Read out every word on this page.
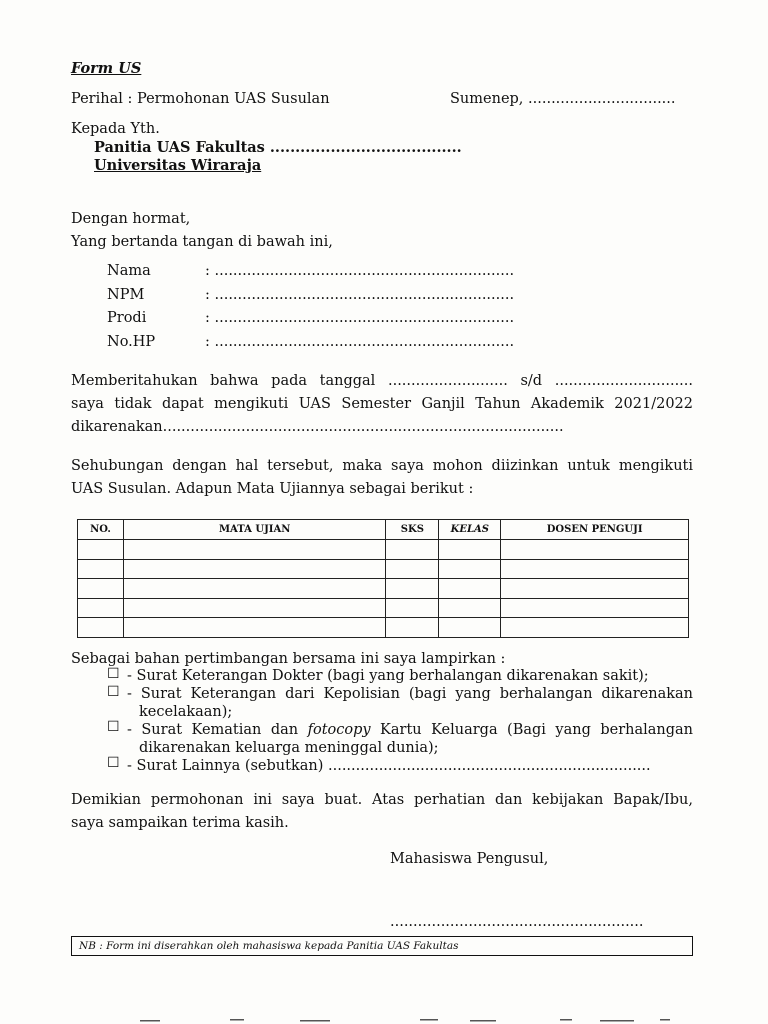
Form US
Perihal : Permohonan UAS Susulan	Sumenep, ................................
Kepada Yth.
Panitia UAS Fakultas ......................................
Universitas Wiraraja
Dengan hormat,
Yang bertanda tangan di bawah ini,
Nama	: .................................................................
NPM	: .................................................................
Prodi	: .................................................................
No.HP	: .................................................................
Memberitahukan bahwa pada tanggal .......................... s/d ..............................
saya tidak dapat mengikuti UAS Semester Ganjil Tahun Akademik 2021/2022
dikarenakan.......................................................................................
Sehubungan dengan hal tersebut, maka saya mohon diizinkan untuk mengikuti
UAS Susulan. Adapun Mata Ujiannya sebagai berikut :
NO.	MATA UJIAN	SKS	KELAS	DOSEN PENGUJI

Sebagai bahan pertimbangan bersama ini saya lampirkan :
☐ - Surat Keterangan Dokter (bagi yang berhalangan dikarenakan sakit);
☐ - Surat Keterangan dari Kepolisian (bagi yang berhalangan dikarenakan
kecelakaan);
☐ - Surat Kematian dan fotocopy Kartu Keluarga (Bagi yang berhalangan
dikarenakan keluarga meninggal dunia);
☐ - Surat Lainnya (sebutkan) ......................................................................
Demikian permohonan ini saya buat. Atas perhatian dan kebijakan Bapak/Ibu,
saya sampaikan terima kasih.
Mahasiswa Pengusul,
.......................................................
NB : Form ini diserahkan oleh mahasiswa kepada Panitia UAS Fakultas
